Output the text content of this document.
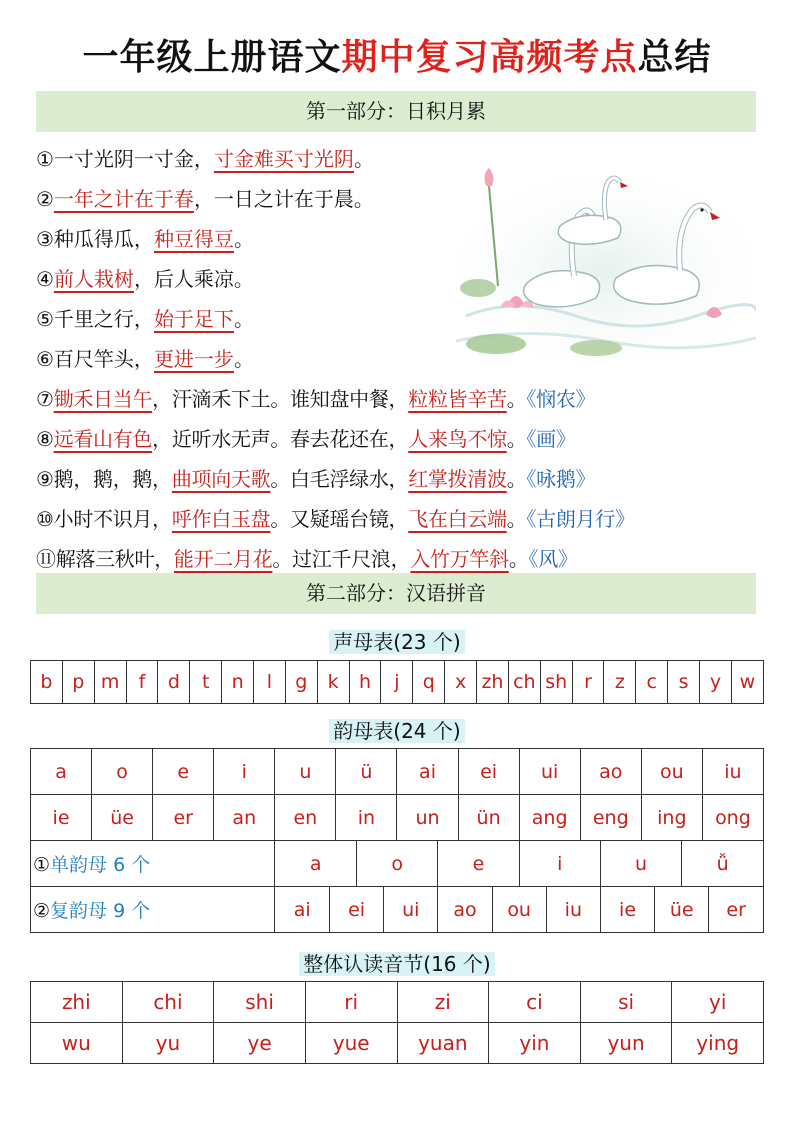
一年级上册语文期中复习高频考点总结
第一部分：日积月累
①一寸光阴一寸金，寸金难买寸光阴。
②一年之计在于春，一日之计在于晨。
③种瓜得瓜，种豆得豆。
④前人栽树，后人乘凉。
⑤千里之行，始于足下。
⑥百尺竿头，更进一步。
⑦锄禾日当午，汗滴禾下土。谁知盘中餐，粒粒皆辛苦。《悯农》
⑧远看山有色，近听水无声。春去花还在，人来鸟不惊。《画》
⑨鹅，鹅，鹅，曲项向天歌。白毛浮绿水，红掌拨清波。《咏鹅》
⑩小时不识月，呼作白玉盘。又疑瑶台镜，飞在白云端。《古朗月行》
⑪解落三秋叶，能开二月花。过江千尺浪，入竹万竿斜。《风》
第二部分：汉语拼音
声母表(23 个)
b	p	m	f	d	t	n	l	g	k	h	j	q	x	zh	ch	sh	r	z	c	s	y	w
韵母表(24 个)
a	o	e	i	u	ü	ai	ei	ui	ao	ou	iu
ie	üe	er	an	en	in	un	ün	ang	eng	ing	ong
①单韵母 6 个		a	o	e	i	u	ǚ

②复韵母 9 个		ai	ei	ui	ao	ou	iu	ie	üe	er
整体认读音节(16 个)
zhi	chi	shi	ri	zi	ci	si	yi
wu	yu	ye	yue	yuan	yin	yun	ying
